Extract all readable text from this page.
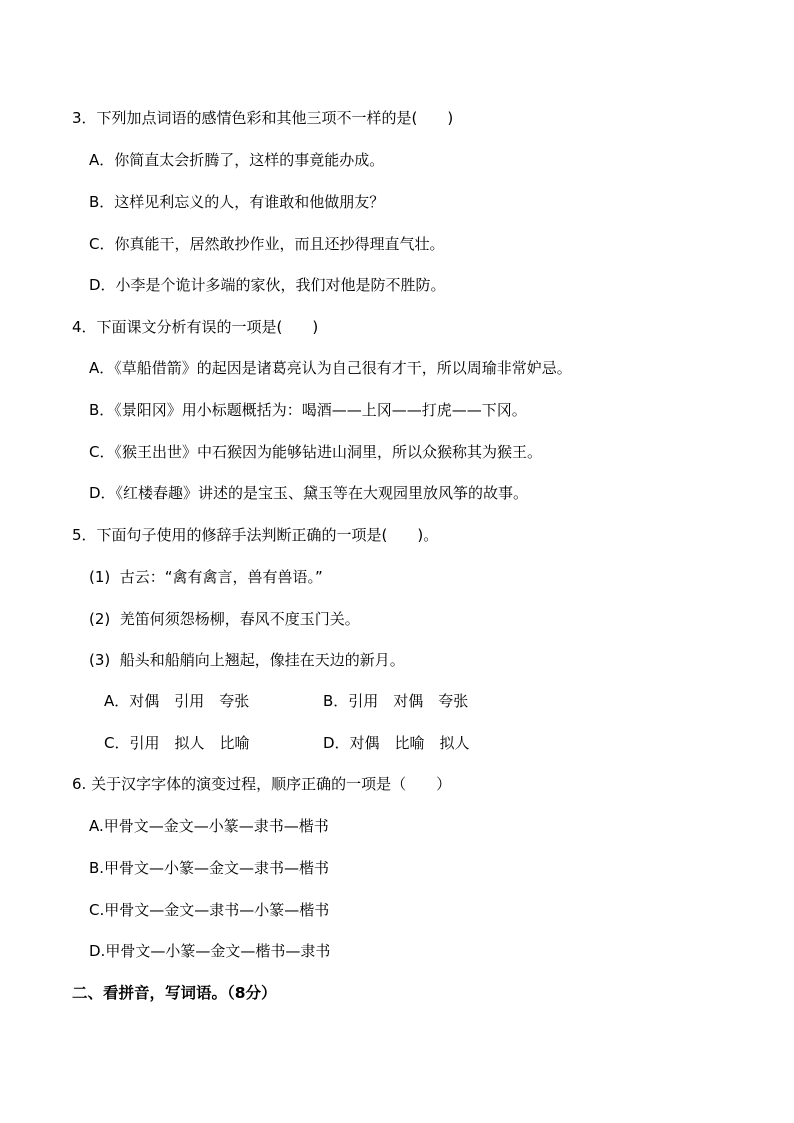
3．下列加点词语的感情色彩和其他三项不一样的是(　　)
A．你简直太会折腾了，这样的事竟能办成。
B．这样见利忘义的人，有谁敢和他做朋友？
C．你真能干，居然敢抄作业，而且还抄得理直气壮。
D．小李是个诡计多端的家伙，我们对他是防不胜防。
4．下面课文分析有误的一项是(　　)
A．《草船借箭》的起因是诸葛亮认为自己很有才干，所以周瑜非常妒忌。
B．《景阳冈》用小标题概括为：喝酒——上冈——打虎——下冈。
C．《猴王出世》中石猴因为能够钻进山洞里，所以众猴称其为猴王。
D．《红楼春趣》讲述的是宝玉、黛玉等在大观园里放风筝的故事。
5．下面句子使用的修辞手法判断正确的一项是(　　)。
(1)  古云：“禽有禽言，兽有兽语。”
(2)  羌笛何须怨杨柳，春风不度玉门关。
(3)  船头和船艄向上翘起，像挂在天边的新月。
A．对偶　引用　夸张	B．引用　对偶　夸张
C．引用　拟人　比喻	D．对偶　比喻　拟人
6. 关于汉字字体的演变过程，顺序正确的一项是（　　）
A.甲骨文—金文—小篆—隶书—楷书
B.甲骨文—小篆—金文—隶书—楷书
C.甲骨文—金文—隶书—小篆—楷书
D.甲骨文—小篆—金文—楷书—隶书
二、看拼音，写词语。（8分）
